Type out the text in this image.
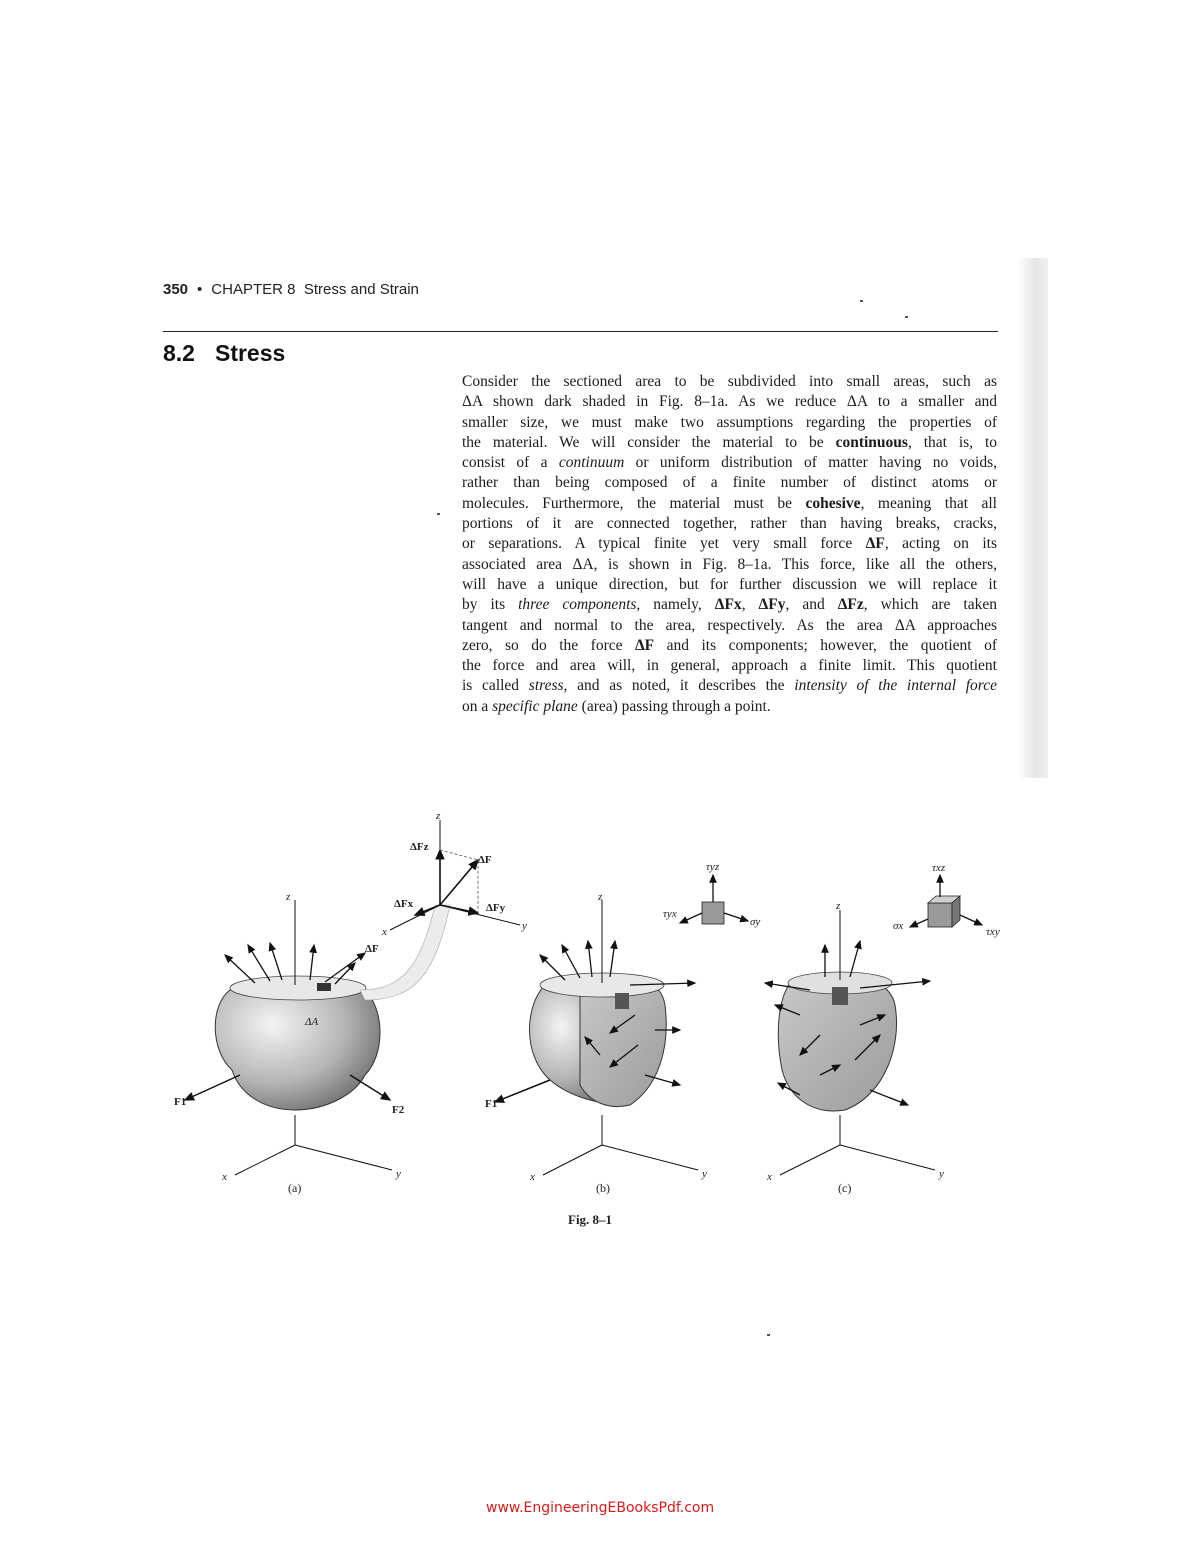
350 • CHAPTER 8 Stress and Strain
8.2 Stress
Consider the sectioned area to be subdivided into small areas, such as
ΔA shown dark shaded in Fig. 8–1a. As we reduce ΔA to a smaller and
smaller size, we must make two assumptions regarding the properties of
the material. We will consider the material to be continuous, that is, to
consist of a continuum or uniform distribution of matter having no voids,
rather than being composed of a finite number of distinct atoms or
molecules. Furthermore, the material must be cohesive, meaning that all
portions of it are connected together, rather than having breaks, cracks,
or separations. A typical finite yet very small force ΔF, acting on its
associated area ΔA, is shown in Fig. 8–1a. This force, like all the others,
will have a unique direction, but for further discussion we will replace it
by its three components, namely, ΔFx, ΔFy, and ΔFz, which are taken
tangent and normal to the area, respectively. As the area ΔA approaches
zero, so do the force ΔF and its components; however, the quotient of
the force and area will, in general, approach a finite limit. This quotient
is called stress, and as noted, it describes the intensity of the internal force
on a specific plane (area) passing through a point.
z
ΔF
ΔA
F1
F2
z
x	y
ΔFz
ΔF
ΔFx	ΔFy
x	y
(a)
z
F1
τyz
τyx
σy
x	y
(b)
z
τxz
σx	τxy
x	y
(c)
Fig. 8–1
www.EngineeringEBooksPdf.com
